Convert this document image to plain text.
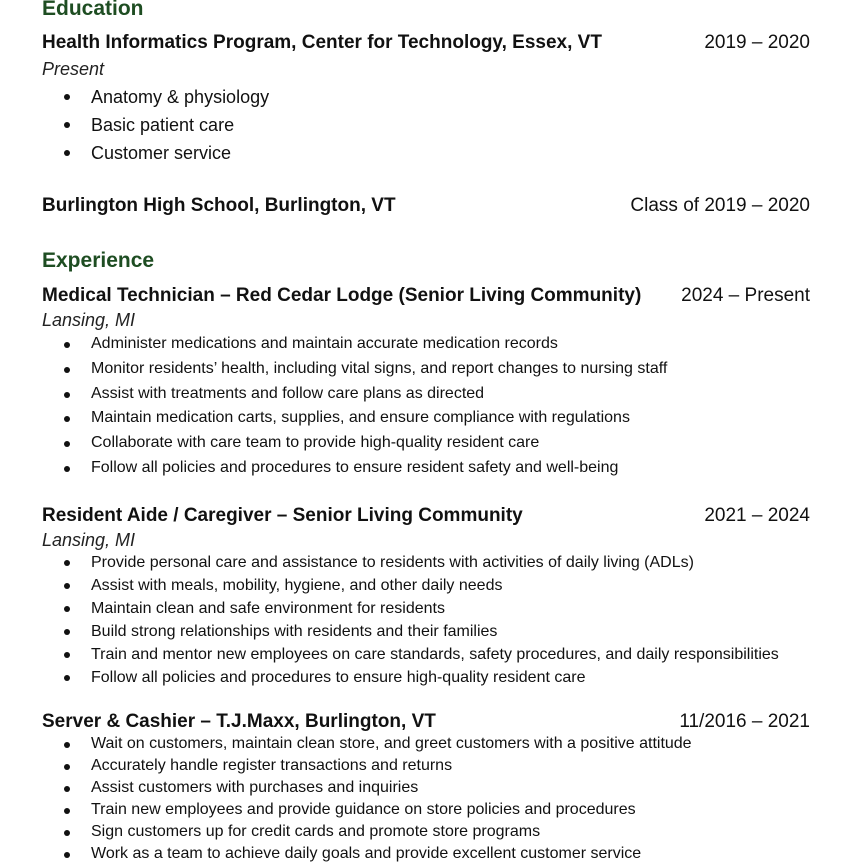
Education
Health Informatics Program, Center for Technology, Essex, VT	2019 – 2020
Present
Anatomy & physiology
Basic patient care
Customer service
Burlington High School, Burlington, VT	Class of 2019 – 2020
Experience
Medical Technician – Red Cedar Lodge (Senior Living Community) 2024 – Present
Lansing, MI
Administer medications and maintain accurate medication records
Monitor residents’ health, including vital signs, and report changes to nursing staff
Assist with treatments and follow care plans as directed
Maintain medication carts, supplies, and ensure compliance with regulations
Collaborate with care team to provide high-quality resident care
Follow all policies and procedures to ensure resident safety and well-being
Resident Aide / Caregiver – Senior Living Community	2021 – 2024
Lansing, MI
Provide personal care and assistance to residents with activities of daily living (ADLs)
Assist with meals, mobility, hygiene, and other daily needs
Maintain clean and safe environment for residents
Build strong relationships with residents and their families
Train and mentor new employees on care standards, safety procedures, and daily responsibilities
Follow all policies and procedures to ensure high-quality resident care
Server & Cashier – T.J.Maxx, Burlington, VT	11/2016 – 2021
Wait on customers, maintain clean store, and greet customers with a positive attitude
Accurately handle register transactions and returns
Assist customers with purchases and inquiries
Train new employees and provide guidance on store policies and procedures
Sign customers up for credit cards and promote store programs
Work as a team to achieve daily goals and provide excellent customer service
